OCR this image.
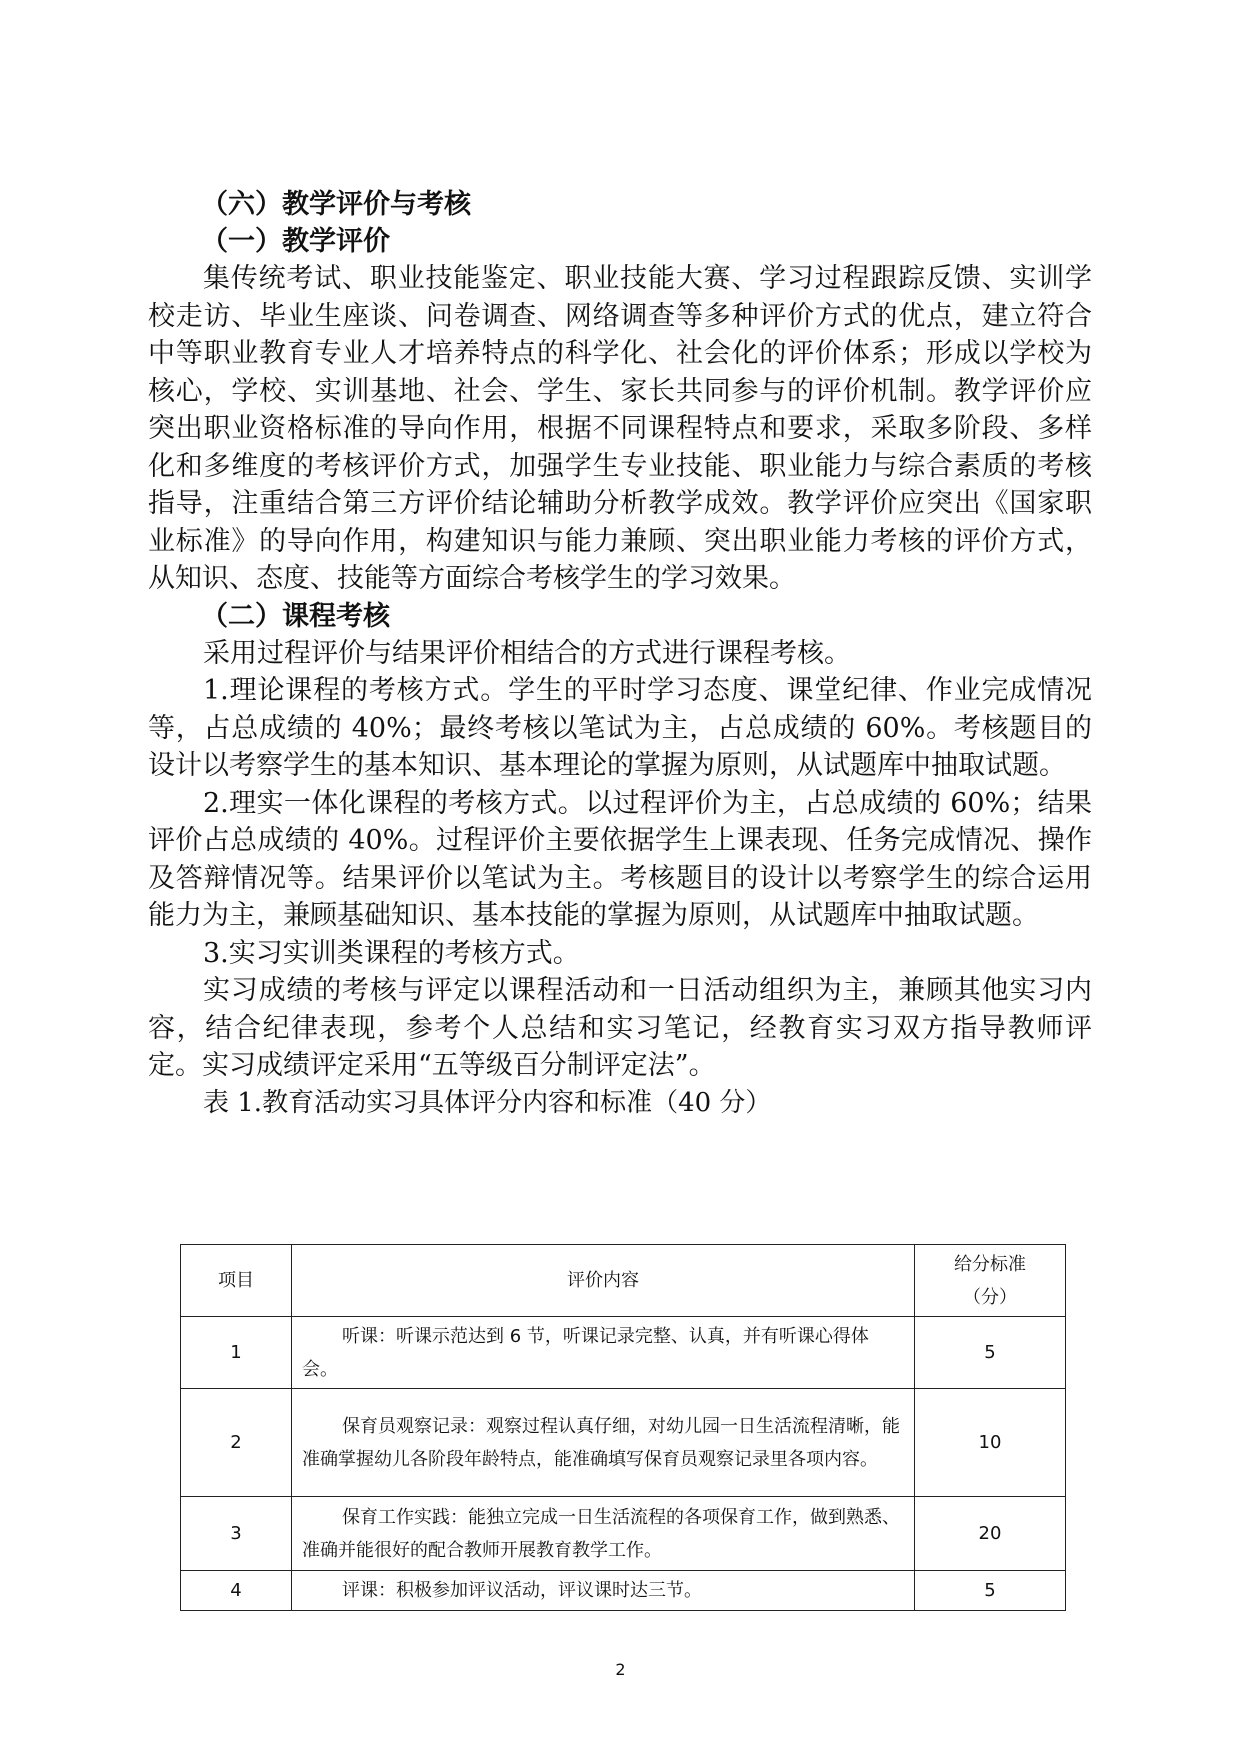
（六）教学评价与考核

（一）教学评价

集传统考试、职业技能鉴定、职业技能大赛、学习过程跟踪反馈、实训学校走访、毕业生座谈、问卷调查、网络调查等多种评价方式的优点，建立符合中等职业教育专业人才培养特点的科学化、社会化的评价体系；形成以学校为核心，学校、实训基地、社会、学生、家长共同参与的评价机制。教学评价应突出职业资格标准的导向作用，根据不同课程特点和要求，采取多阶段、多样化和多维度的考核评价方式，加强学生专业技能、职业能力与综合素质的考核指导，注重结合第三方评价结论辅助分析教学成效。教学评价应突出《国家职业标准》的导向作用，构建知识与能力兼顾、突出职业能力考核的评价方式，从知识、态度、技能等方面综合考核学生的学习效果。

（二）课程考核

采用过程评价与结果评价相结合的方式进行课程考核。

1.理论课程的考核方式。学生的平时学习态度、课堂纪律、作业完成情况等，占总成绩的 40%；最终考核以笔试为主，占总成绩的 60%。考核题目的设计以考察学生的基本知识、基本理论的掌握为原则，从试题库中抽取试题。

2.理实一体化课程的考核方式。以过程评价为主，占总成绩的 60%；结果评价占总成绩的 40%。过程评价主要依据学生上课表现、任务完成情况、操作及答辩情况等。结果评价以笔试为主。考核题目的设计以考察学生的综合运用能力为主，兼顾基础知识、基本技能的掌握为原则，从试题库中抽取试题。

3.实习实训类课程的考核方式。

实习成绩的考核与评定以课程活动和一日活动组织为主，兼顾其他实习内容，结合纪律表现，参考个人总结和实习笔记，经教育实习双方指导教师评定。实习成绩评定采用“五等级百分制评定法”。

表 1.教育活动实习具体评分内容和标准（40 分）

项目	评价内容	给分标准
（分）

1	听课：听课示范达到 6 节，听课记录完整、认真，并有听课心得体会。	5
2	保育员观察记录：观察过程认真仔细，对幼儿园一日生活流程清晰，能准确掌握幼儿各阶段年龄特点，能准确填写保育员观察记录里各项内容。	10
3	保育工作实践：能独立完成一日生活流程的各项保育工作，做到熟悉、准确并能很好的配合教师开展教育教学工作。	20
4	评课：积极参加评议活动，评议课时达三节。	5
2
